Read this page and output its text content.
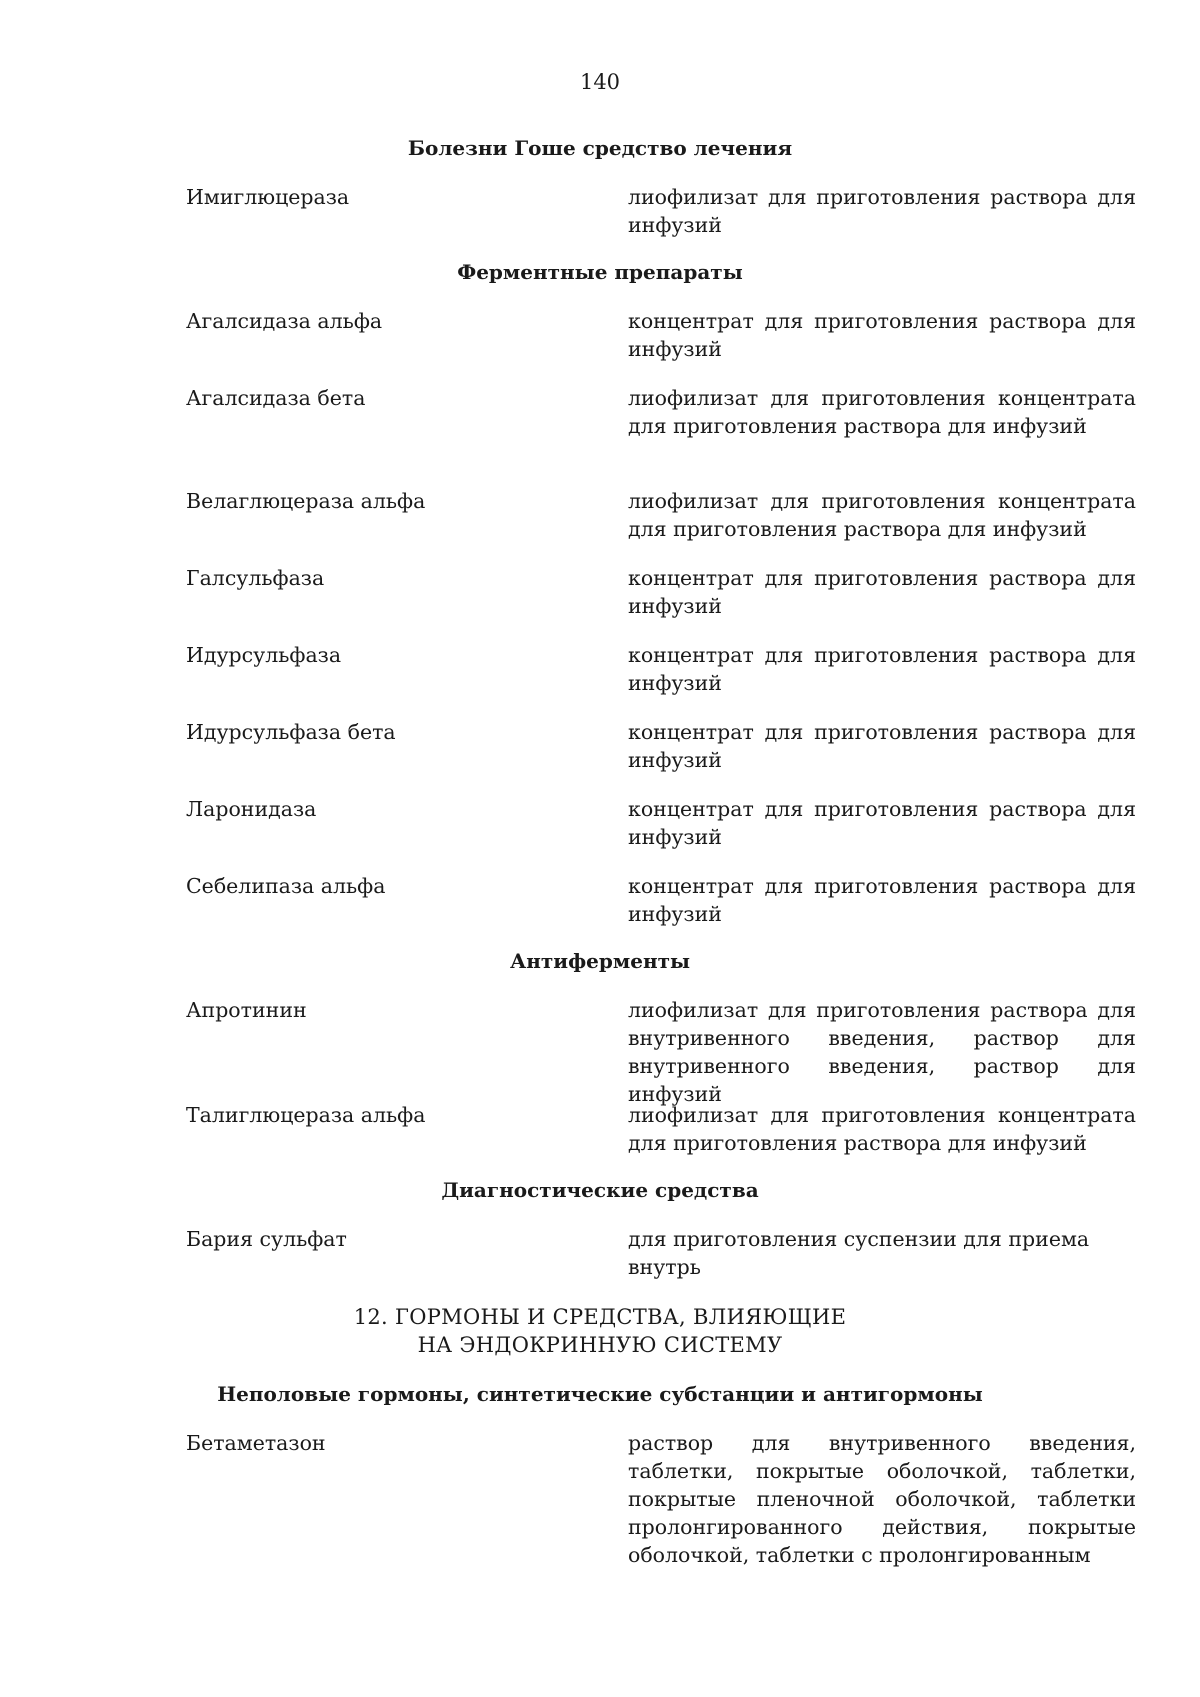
140
Болезни Гоше средство лечения
Имиглюцераза	лиофилизат для приготовления раствора для инфузий
Ферментные препараты
Агалсидаза альфа	концентрат для приготовления раствора для инфузий
Агалсидаза бета	лиофилизат для приготовления концентрата для приготовления раствора для инфузий
Велаглюцераза альфа	лиофилизат для приготовления концентрата для приготовления раствора для инфузий
Галсульфаза	концентрат для приготовления раствора для инфузий
Идурсульфаза	концентрат для приготовления раствора для инфузий
Идурсульфаза бета	концентрат для приготовления раствора для инфузий
Ларонидаза	концентрат для приготовления раствора для инфузий
Себелипаза альфа	концентрат для приготовления раствора для инфузий
Антиферменты
Апротинин	лиофилизат для приготовления раствора для внутривенного введения, раствор для внутривенного введения, раствор для инфузий
Талиглюцераза альфа	лиофилизат для приготовления концентрата для приготовления раствора для инфузий
Диагностические средства
Бария сульфат	для приготовления суспензии для приема внутрь
12. ГОРМОНЫ И СРЕДСТВА, ВЛИЯЮЩИЕ
НА ЭНДОКРИННУЮ СИСТЕМУ
Неполовые гормоны, синтетические субстанции и антигормоны
Бетаметазон	раствор для внутривенного введения, таблетки, покрытые оболочкой, таблетки, покрытые пленочной оболочкой, таблетки пролонгированного действия, покрытые оболочкой, таблетки с пролонгированным
